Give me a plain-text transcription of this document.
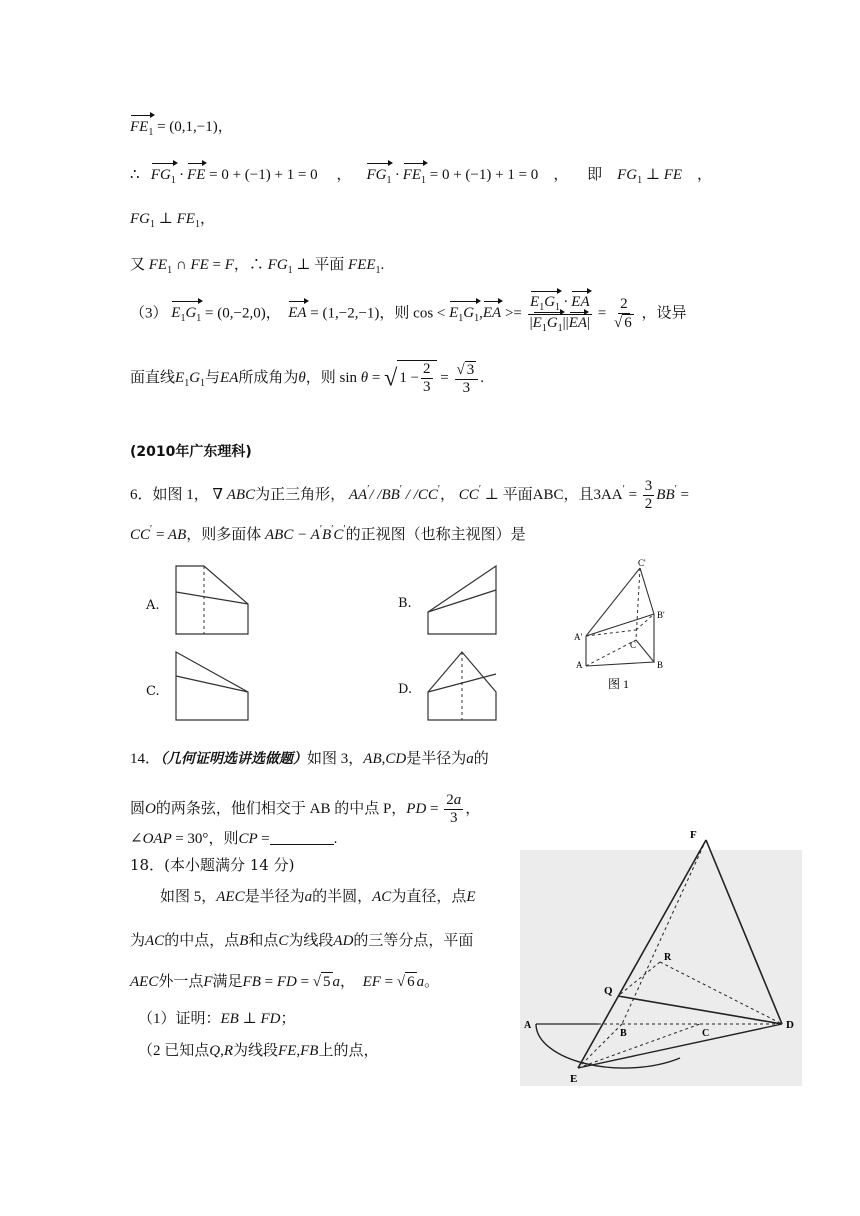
$FE_1 = (0,1,-1)$，
∴ $FG_1$ · FE = 0 + (−1) + 1 = 0 ， $FG_1 \cdot FE_1 = 0 + (-1) + 1 = 0$ ， 即    $FG_1$ ⊥ FE    ，
$FG_1$ ⊥ $FE_1$，
又 $FE_1$ ∩ FE = F，∴ $FG_1$ ⊥ 平面 $FEE_1$.
（3） $E_1G_1 = (0,-2,0)$， EA = (1,−2,−1)，则 $\cos < E_1G_1,EA >= \frac{E_1G_1 \cdot EA}{|E_1G_1||EA|} = \frac{2}{√ 6}$ ，设异
面直线$E_1G_1$与EA所成角为θ，则 sin θ = √ $1 - \frac{2}{3} = \frac{√ 3}{3}$ .
(2010年广东理科)
6．如图 1， ∇ ABC为正三角形， AA′/ /BB′ / /CC′， CC′ ⊥ 平面ABC，且$3AA' = \frac{3}{2} BB'$ =
CC′ = AB，则多面体 ABC − A′B′C′的正视图（也称主视图）是
A.	B.
C.	D.
C'
B'
A'
C
A	B
图 1
14．（几何证明选讲选做题）如图 3，AB,CD是半径为a的
圆O的两条弦，他们相交于 AB 的中点 P，PD = $\frac{2a}{3}$ ，
∠OAP = 30°，则CP =	.
18．(本小题满分 14 分)
如图 5，AEC是半径为a的半圆，AC为直径，点E
为AC的中点，点B和点C为线段AD的三等分点，平面
AEC外一点F满足FB = FD = √ 5 a，  EF = √ 6 a。
（1）证明：EB ⊥ FD；
（2 已知点Q,R为线段FE,FB上的点，
F
R
Q
A
B	C
D
E
